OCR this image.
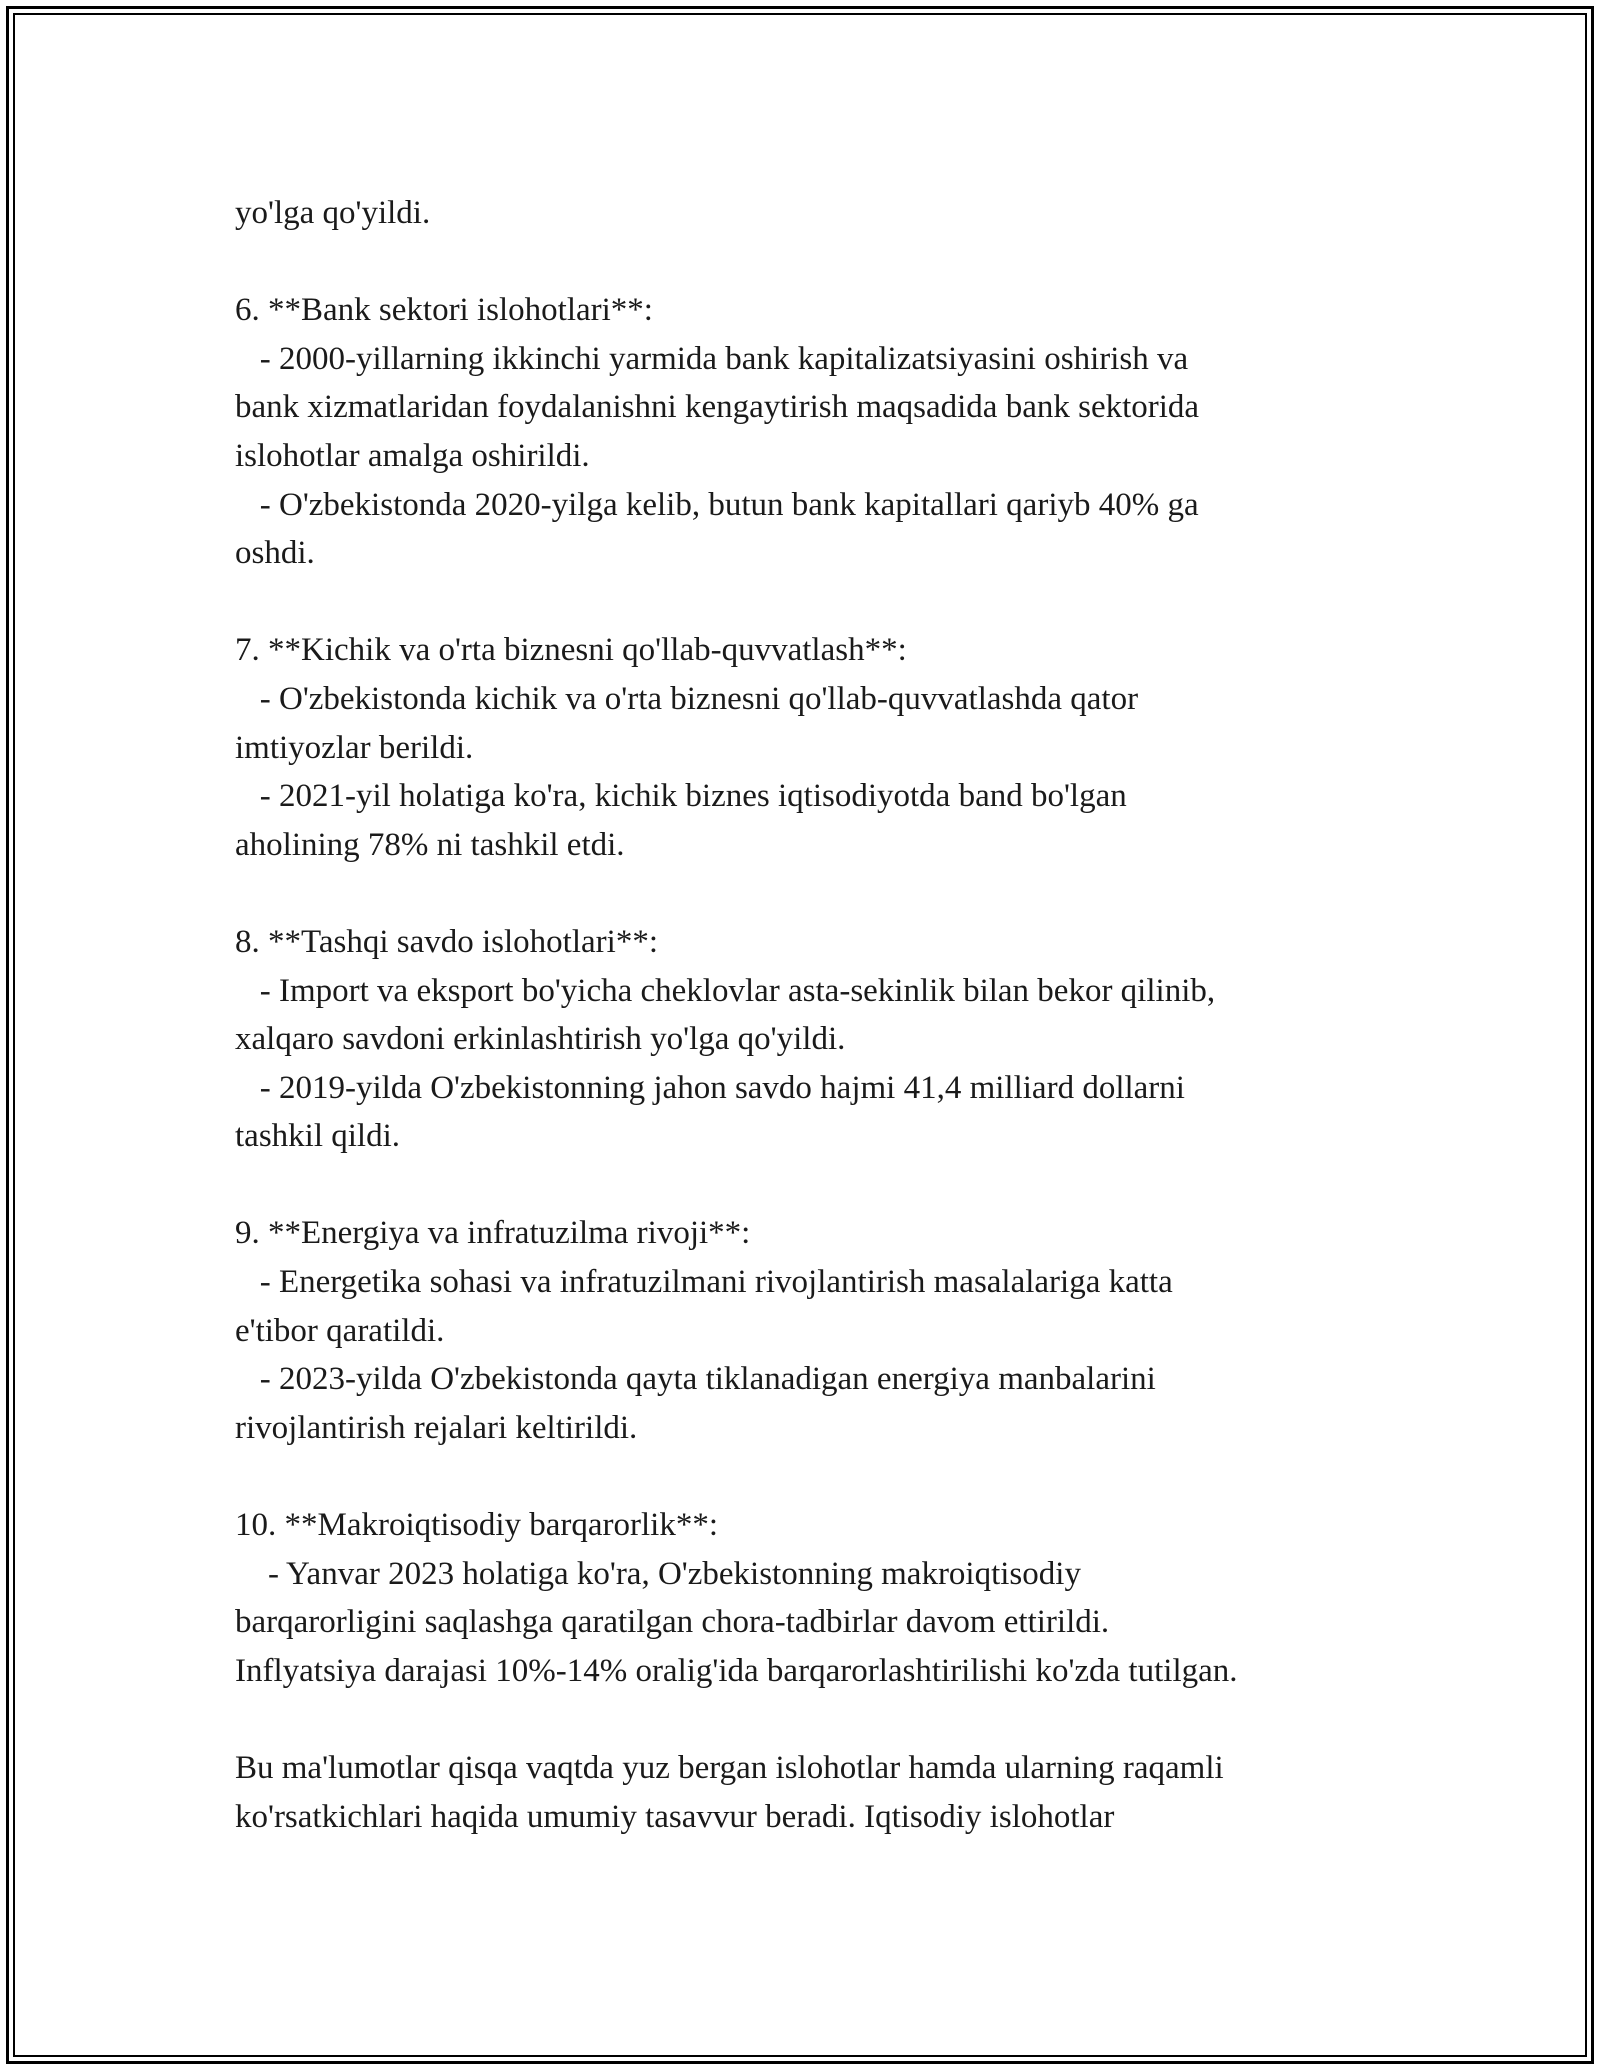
yo'lga qo'yildi.
6. **Bank sektori islohotlari**:
- 2000-yillarning ikkinchi yarmida bank kapitalizatsiyasini oshirish va
bank xizmatlaridan foydalanishni kengaytirish maqsadida bank sektorida
islohotlar amalga oshirildi.
- O'zbekistonda 2020-yilga kelib, butun bank kapitallari qariyb 40% ga
oshdi.
7. **Kichik va o'rta biznesni qo'llab-quvvatlash**:
- O'zbekistonda kichik va o'rta biznesni qo'llab-quvvatlashda qator
imtiyozlar berildi.
- 2021-yil holatiga ko'ra, kichik biznes iqtisodiyotda band bo'lgan
aholining 78% ni tashkil etdi.
8. **Tashqi savdo islohotlari**:
- Import va eksport bo'yicha cheklovlar asta-sekinlik bilan bekor qilinib,
xalqaro savdoni erkinlashtirish yo'lga qo'yildi.
- 2019-yilda O'zbekistonning jahon savdo hajmi 41,4 milliard dollarni
tashkil qildi.
9. **Energiya va infratuzilma rivoji**:
- Energetika sohasi va infratuzilmani rivojlantirish masalalariga katta
e'tibor qaratildi.
- 2023-yilda O'zbekistonda qayta tiklanadigan energiya manbalarini
rivojlantirish rejalari keltirildi.
10. **Makroiqtisodiy barqarorlik**:
- Yanvar 2023 holatiga ko'ra, O'zbekistonning makroiqtisodiy
barqarorligini saqlashga qaratilgan chora-tadbirlar davom ettirildi.
Inflyatsiya darajasi 10%-14% oralig'ida barqarorlashtirilishi ko'zda tutilgan.
Bu ma'lumotlar qisqa vaqtda yuz bergan islohotlar hamda ularning raqamli
ko'rsatkichlari haqida umumiy tasavvur beradi. Iqtisodiy islohotlar
